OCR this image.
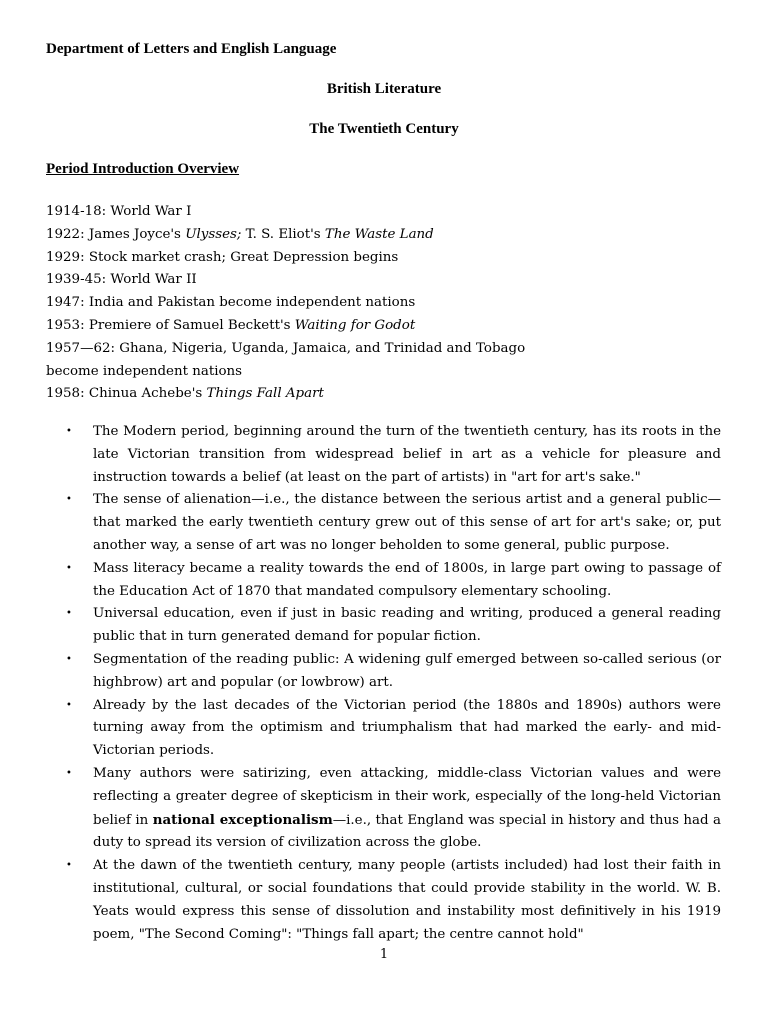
Department of Letters and English Language
British Literature
The Twentieth Century
Period Introduction Overview
1914-18: World War I
1922: James Joyce's Ulysses; T. S. Eliot's The Waste Land
1929: Stock market crash; Great Depression begins
1939-45: World War II
1947: India and Pakistan become independent nations
1953: Premiere of Samuel Beckett's Waiting for Godot
1957—62: Ghana, Nigeria, Uganda, Jamaica, and Trinidad and Tobago
become independent nations
1958: Chinua Achebe's Things Fall Apart
• The Modern period, beginning around the turn of the twentieth century, has its roots in the late Victorian transition from widespread belief in art as a vehicle for pleasure and instruction towards a belief (at least on the part of artists) in "art for art's sake."
• The sense of alienation—i.e., the distance between the serious artist and a general public—that marked the early twentieth century grew out of this sense of art for art's sake; or, put another way, a sense of art was no longer beholden to some general, public purpose.
• Mass literacy became a reality towards the end of 1800s, in large part owing to passage of the Education Act of 1870 that mandated compulsory elementary schooling.
• Universal education, even if just in basic reading and writing, produced a general reading public that in turn generated demand for popular fiction.
• Segmentation of the reading public: A widening gulf emerged between so-called serious (or highbrow) art and popular (or lowbrow) art.
• Already by the last decades of the Victorian period (the 1880s and 1890s) authors were turning away from the optimism and triumphalism that had marked the early- and mid-Victorian periods.
• Many authors were satirizing, even attacking, middle-class Victorian values and were reflecting a greater degree of skepticism in their work, especially of the long-held Victorian belief in national exceptionalism—i.e., that England was special in history and thus had a duty to spread its version of civilization across the globe.
• At the dawn of the twentieth century, many people (artists included) had lost their faith in institutional, cultural, or social foundations that could provide stability in the world. W. B. Yeats would express this sense of dissolution and instability most definitively in his 1919 poem, "The Second Coming": "Things fall apart; the centre cannot hold"
1
